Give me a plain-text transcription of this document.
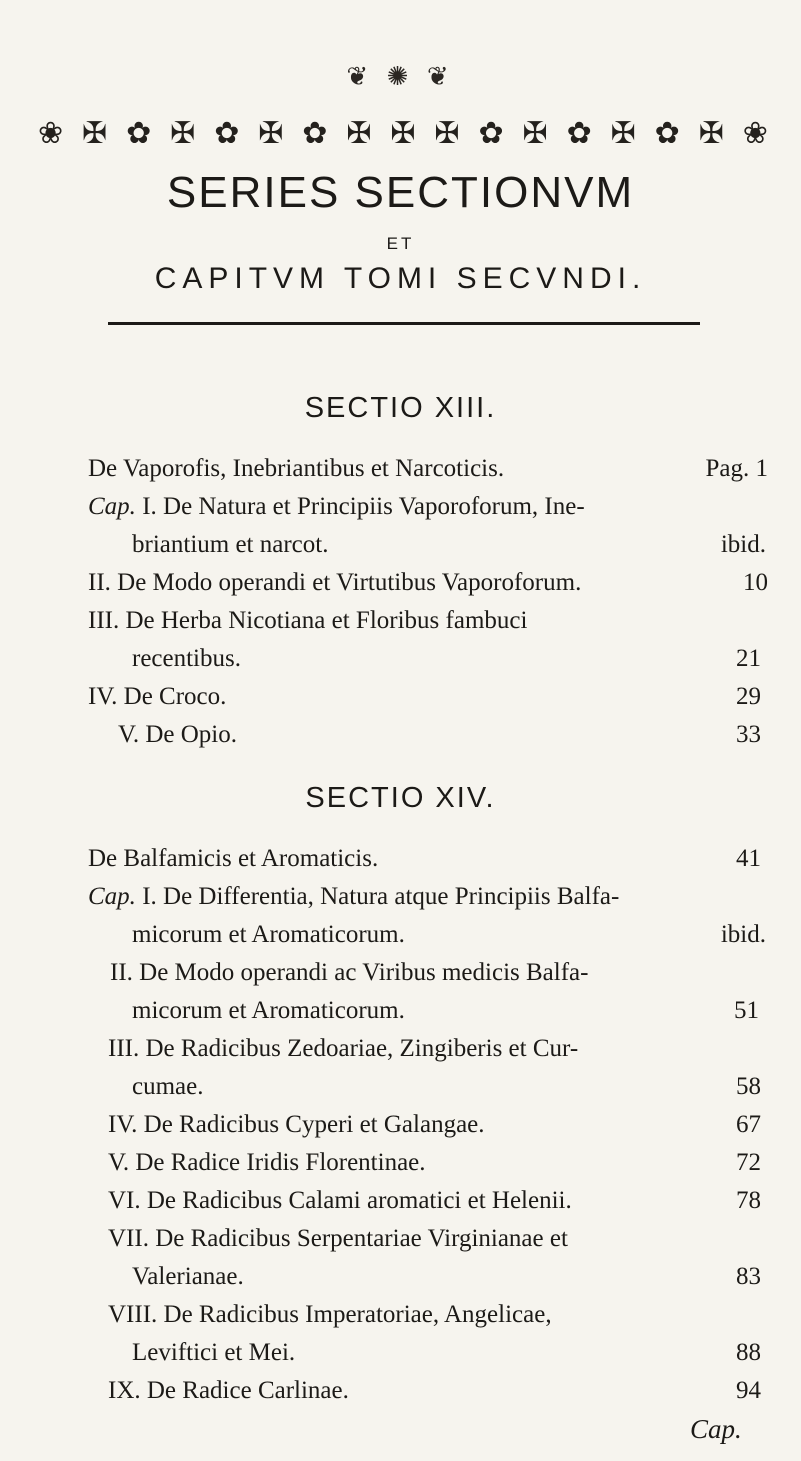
❦ ✺ ❦
❀ ✠ ✿ ✠ ✿ ✠ ✿ ✠ ✠ ✠ ✿ ✠ ✿ ✠ ✿ ✠ ❀
SERIES SECTIONVM
ET
CAPITVM TOMI SECVNDI.
SECTIO XIII.
De Vaporofis, Inebriantibus et Narcoticis.	Pag. 1
Cap. I. De Natura et Principiis Vaporoforum, Ine-
briantium et narcot.	ibid.
II. De Modo operandi et Virtutibus Vaporoforum.	10
III. De Herba Nicotiana et Floribus fambuci
recentibus.	21
IV. De Croco.	29
V. De Opio.	33
SECTIO XIV.
De Balfamicis et Aromaticis.	41
Cap. I. De Differentia, Natura atque Principiis Balfa-
micorum et Aromaticorum.	ibid.
II. De Modo operandi ac Viribus medicis Balfa-
micorum et Aromaticorum.	51
III. De Radicibus Zedoariae, Zingiberis et Cur-
cumae.	58
IV. De Radicibus Cyperi et Galangae.	67
V. De Radice Iridis Florentinae.	72
VI. De Radicibus Calami aromatici et Helenii.	78
VII. De Radicibus Serpentariae Virginianae et
Valerianae.	83
VIII. De Radicibus Imperatoriae, Angelicae,
Leviftici et Mei.	88
IX. De Radice Carlinae.	94
Cap.
